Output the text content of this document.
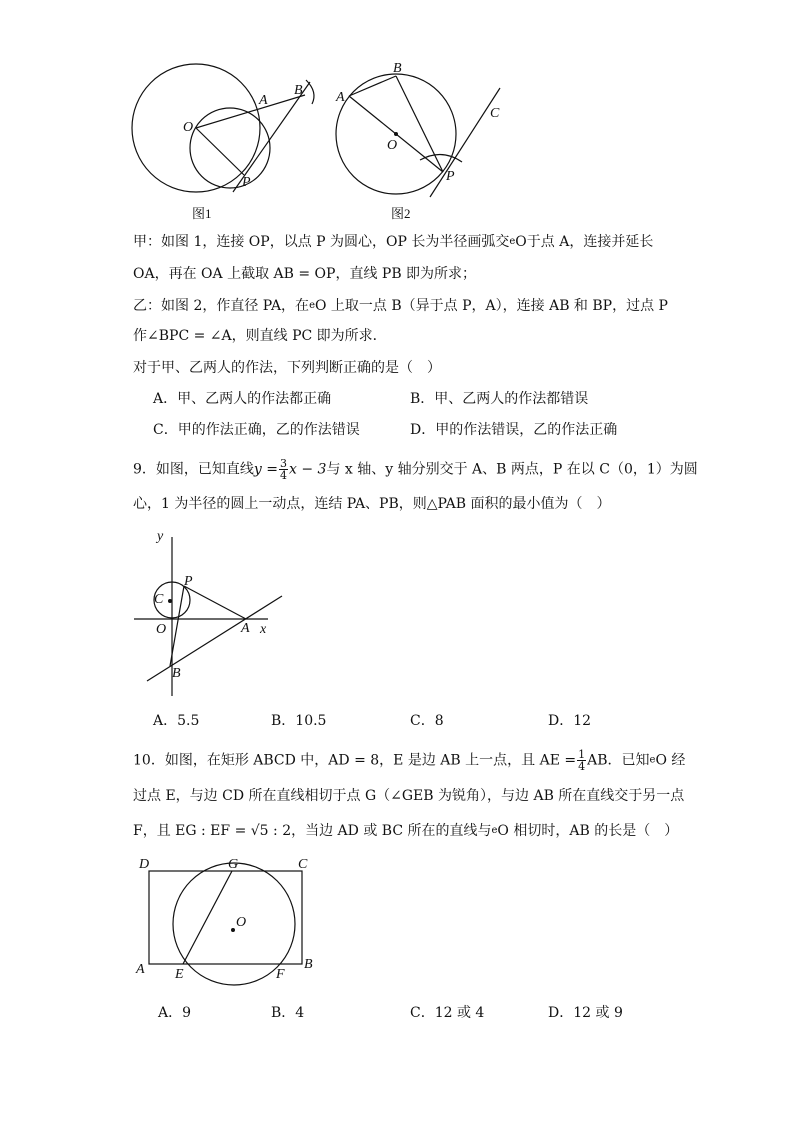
O
A
B
P
图1
A
B
O
P
C
图2
甲：如图 1，连接 OP，以点 P 为圆心，OP 长为半径画弧交eO于点 A，连接并延长
OA，再在 OA 上截取 AB = OP，直线 PB 即为所求；
乙：如图 2，作直径 PA，在eO 上取一点 B（异于点 P，A），连接 AB 和 BP，过点 P
作∠BPC = ∠A，则直线 PC 即为所求．
对于甲、乙两人的作法，下列判断正确的是（　）
A．甲、乙两人的作法都正确	B．甲、乙两人的作法都错误
C．甲的作法正确，乙的作法错误	D．甲的作法错误，乙的作法正确
9．如图，已知直线$y = \frac{3}{4}$ x − 3与 x 轴、y 轴分别交于 A、B 两点，P 在以 C（0，1）为圆
心，1 为半径的圆上一动点，连结 PA、PB，则△PAB 面积的最小值为（　）
y
x
C
P
O	A
B
A．5.5	B．10.5	C．8	D．12
10．如图，在矩形 ABCD 中，AD = 8，E 是边 AB 上一点，且 AE = $\frac{1}{4}$ AB．已知eO 经
过点 E，与边 CD 所在直线相切于点 G（∠GEB 为锐角），与边 AB 所在直线交于另一点
F，且 EG : EF = √5 : 2，当边 AD 或 BC 所在的直线与eO 相切时，AB 的长是（　）
D	G	C
O
A E	F
B
A．9	B．4	C．12 或 4	D．12 或 9
